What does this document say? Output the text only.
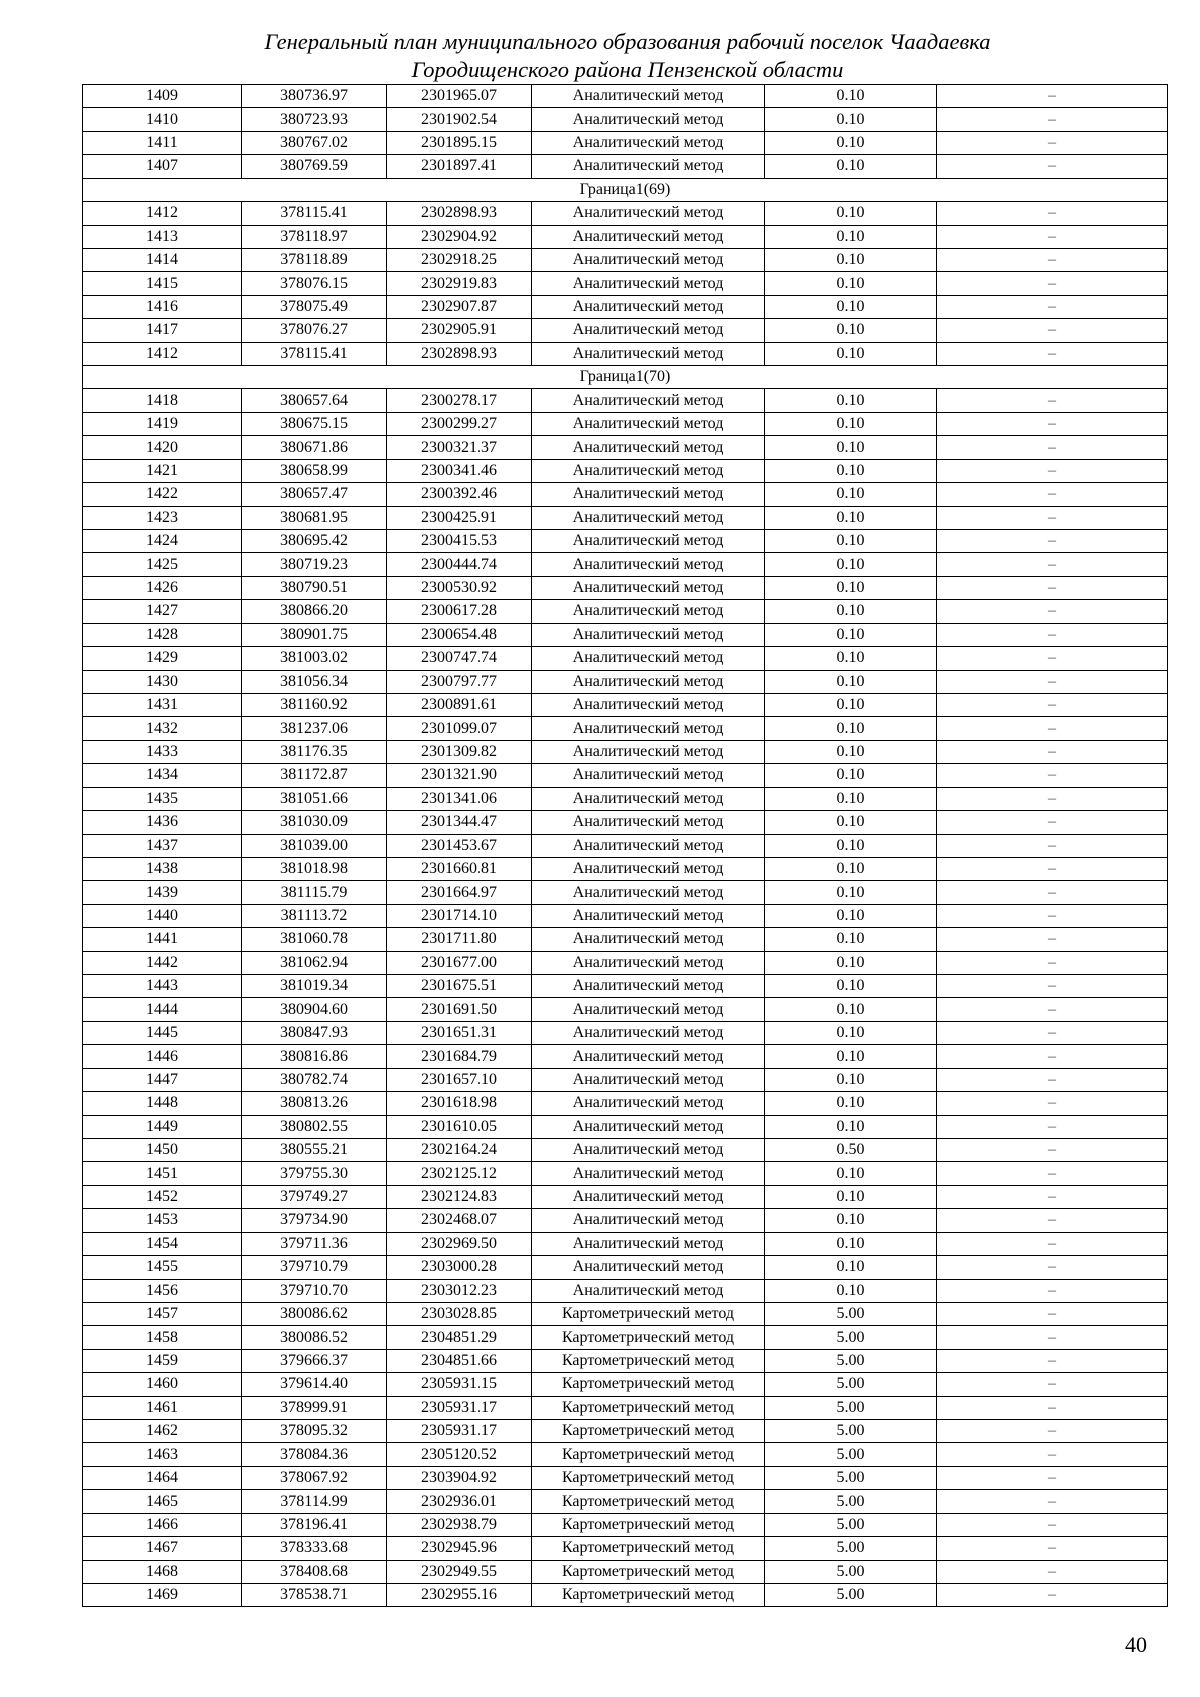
Генеральный план муниципального образования рабочий поселок Чаадаевка
Городищенского района Пензенской области
1409	380736.97	2301965.07	Аналитический метод	0.10	–
1410	380723.93	2301902.54	Аналитический метод	0.10	–
1411	380767.02	2301895.15	Аналитический метод	0.10	–
1407	380769.59	2301897.41	Аналитический метод	0.10	–
Граница1(69)					
1412	378115.41	2302898.93	Аналитический метод	0.10	–
1413	378118.97	2302904.92	Аналитический метод	0.10	–
1414	378118.89	2302918.25	Аналитический метод	0.10	–
1415	378076.15	2302919.83	Аналитический метод	0.10	–
1416	378075.49	2302907.87	Аналитический метод	0.10	–
1417	378076.27	2302905.91	Аналитический метод	0.10	–
1412	378115.41	2302898.93	Аналитический метод	0.10	–
Граница1(70)					
1418	380657.64	2300278.17	Аналитический метод	0.10	–
1419	380675.15	2300299.27	Аналитический метод	0.10	–
1420	380671.86	2300321.37	Аналитический метод	0.10	–
1421	380658.99	2300341.46	Аналитический метод	0.10	–
1422	380657.47	2300392.46	Аналитический метод	0.10	–
1423	380681.95	2300425.91	Аналитический метод	0.10	–
1424	380695.42	2300415.53	Аналитический метод	0.10	–
1425	380719.23	2300444.74	Аналитический метод	0.10	–
1426	380790.51	2300530.92	Аналитический метод	0.10	–
1427	380866.20	2300617.28	Аналитический метод	0.10	–
1428	380901.75	2300654.48	Аналитический метод	0.10	–
1429	381003.02	2300747.74	Аналитический метод	0.10	–
1430	381056.34	2300797.77	Аналитический метод	0.10	–
1431	381160.92	2300891.61	Аналитический метод	0.10	–
1432	381237.06	2301099.07	Аналитический метод	0.10	–
1433	381176.35	2301309.82	Аналитический метод	0.10	–
1434	381172.87	2301321.90	Аналитический метод	0.10	–
1435	381051.66	2301341.06	Аналитический метод	0.10	–
1436	381030.09	2301344.47	Аналитический метод	0.10	–
1437	381039.00	2301453.67	Аналитический метод	0.10	–
1438	381018.98	2301660.81	Аналитический метод	0.10	–
1439	381115.79	2301664.97	Аналитический метод	0.10	–
1440	381113.72	2301714.10	Аналитический метод	0.10	–
1441	381060.78	2301711.80	Аналитический метод	0.10	–
1442	381062.94	2301677.00	Аналитический метод	0.10	–
1443	381019.34	2301675.51	Аналитический метод	0.10	–
1444	380904.60	2301691.50	Аналитический метод	0.10	–
1445	380847.93	2301651.31	Аналитический метод	0.10	–
1446	380816.86	2301684.79	Аналитический метод	0.10	–
1447	380782.74	2301657.10	Аналитический метод	0.10	–
1448	380813.26	2301618.98	Аналитический метод	0.10	–
1449	380802.55	2301610.05	Аналитический метод	0.10	–
1450	380555.21	2302164.24	Аналитический метод	0.50	–
1451	379755.30	2302125.12	Аналитический метод	0.10	–
1452	379749.27	2302124.83	Аналитический метод	0.10	–
1453	379734.90	2302468.07	Аналитический метод	0.10	–
1454	379711.36	2302969.50	Аналитический метод	0.10	–
1455	379710.79	2303000.28	Аналитический метод	0.10	–
1456	379710.70	2303012.23	Аналитический метод	0.10	–
1457	380086.62	2303028.85	Картометрический метод	5.00	–
1458	380086.52	2304851.29	Картометрический метод	5.00	–
1459	379666.37	2304851.66	Картометрический метод	5.00	–
1460	379614.40	2305931.15	Картометрический метод	5.00	–
1461	378999.91	2305931.17	Картометрический метод	5.00	–
1462	378095.32	2305931.17	Картометрический метод	5.00	–
1463	378084.36	2305120.52	Картометрический метод	5.00	–
1464	378067.92	2303904.92	Картометрический метод	5.00	–
1465	378114.99	2302936.01	Картометрический метод	5.00	–
1466	378196.41	2302938.79	Картометрический метод	5.00	–
1467	378333.68	2302945.96	Картометрический метод	5.00	–
1468	378408.68	2302949.55	Картометрический метод	5.00	–
1469	378538.71	2302955.16	Картометрический метод	5.00	–
40
